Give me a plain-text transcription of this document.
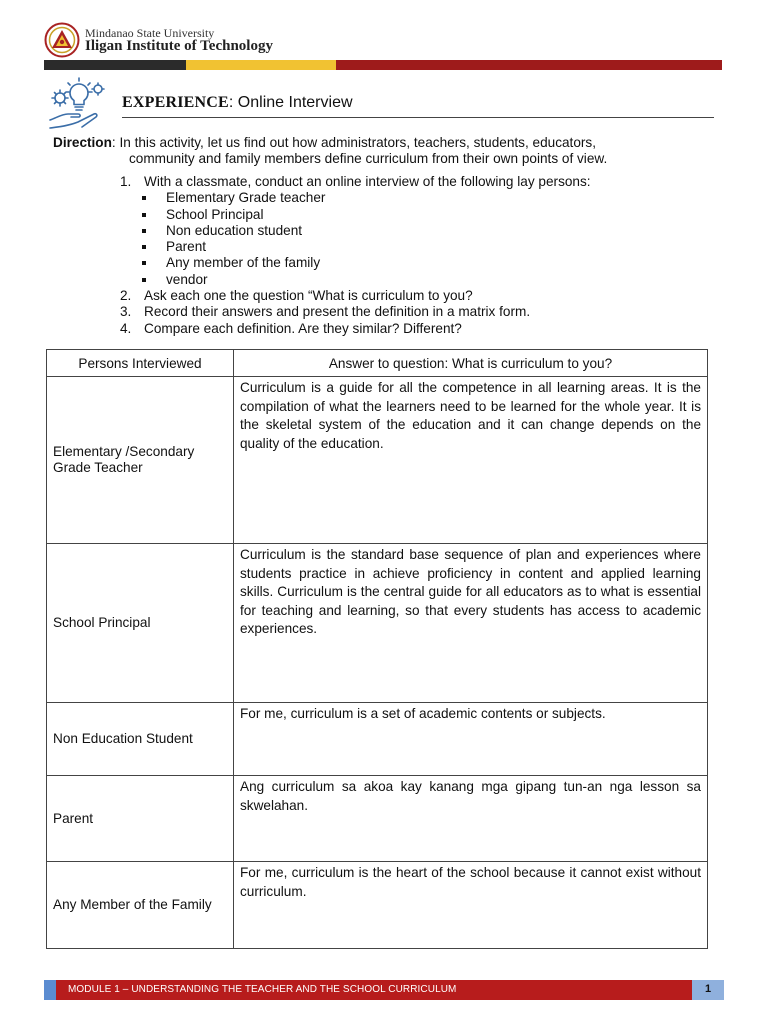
Mindanao State University
Iligan Institute of Technology
EXPERIENCE: Online Interview
Direction: In this activity, let us find out how administrators, teachers, students, educators,
community and family members define curriculum from their own points of view.
1. With a classmate, conduct an online interview of the following lay persons:
Elementary Grade teacher
School Principal
Non education student
Parent
Any member of the family
vendor
2. Ask each one the question “What is curriculum to you?
3. Record their answers and present the definition in a matrix form.
4. Compare each definition. Are they similar? Different?
Persons Interviewed	Answer to question: What is curriculum to you?
Elementary /Secondary Grade Teacher	Curriculum is a guide for all the competence in all learning areas. It is the compilation of what the learners need to be learned for the whole year. It is the skeletal system of the education and it can change depends on the quality of the education.
School Principal	Curriculum is the standard base sequence of plan and experiences where students practice in achieve proficiency in content and applied learning skills. Curriculum is the central guide for all educators as to what is essential for teaching and learning, so that every students has access to academic experiences.
Non Education Student	For me, curriculum is a set of academic contents or subjects.
Parent	Ang curriculum sa akoa kay kanang mga gipang tun-an nga lesson sa skwelahan.
Any Member of the Family	For me, curriculum is the heart of the school because it cannot exist without curriculum.
MODULE 1 – UNDERSTANDING THE TEACHER AND THE SCHOOL CURRICULUM	1
